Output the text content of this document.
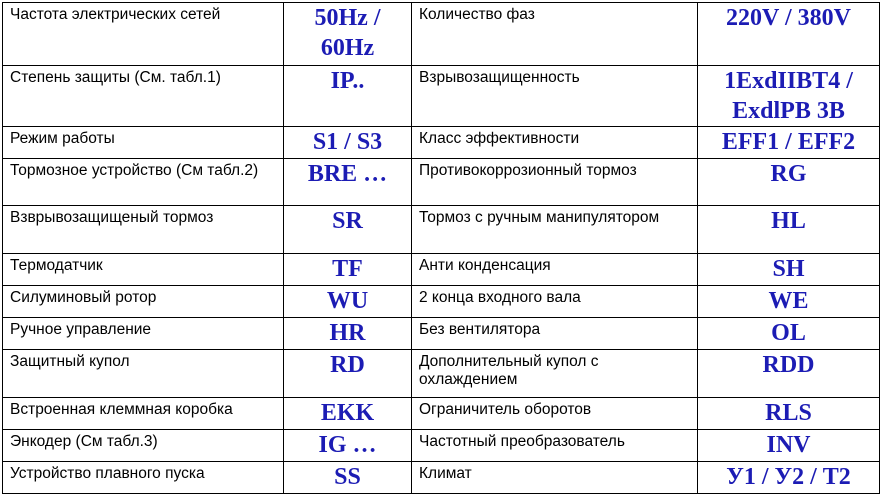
Частота электрических сетей	50Hz / 60Hz	Количество фаз	220V / 380V
Степень защиты (См. табл.1)	IP..	Взрывозащищенность	1ExdIIBT4 / ExdlPB 3B
Режим работы	S1 / S3	Класс эффективности	EFF1 / EFF2
Тормозное устройство (См табл.2)	BRE …	Противокоррозионный тормоз	RG
Взврывозащищеный тормоз	SR	Тормоз с ручным манипулятором	HL
Термодатчик	TF	Анти конденсация	SH
Силуминовый ротор	WU	2 конца входного вала	WE
Ручное управление	HR	Без вентилятора	OL
Защитный купол	RD	Дополнительный купол с охлаждением	RDD
Встроенная клеммная коробка	EKK	Ограничитель оборотов	RLS
Энкодер (См табл.3)	IG …	Частотный преобразователь	INV
Устройство плавного пуска	SS	Климат	У1 / У2 / Т2
